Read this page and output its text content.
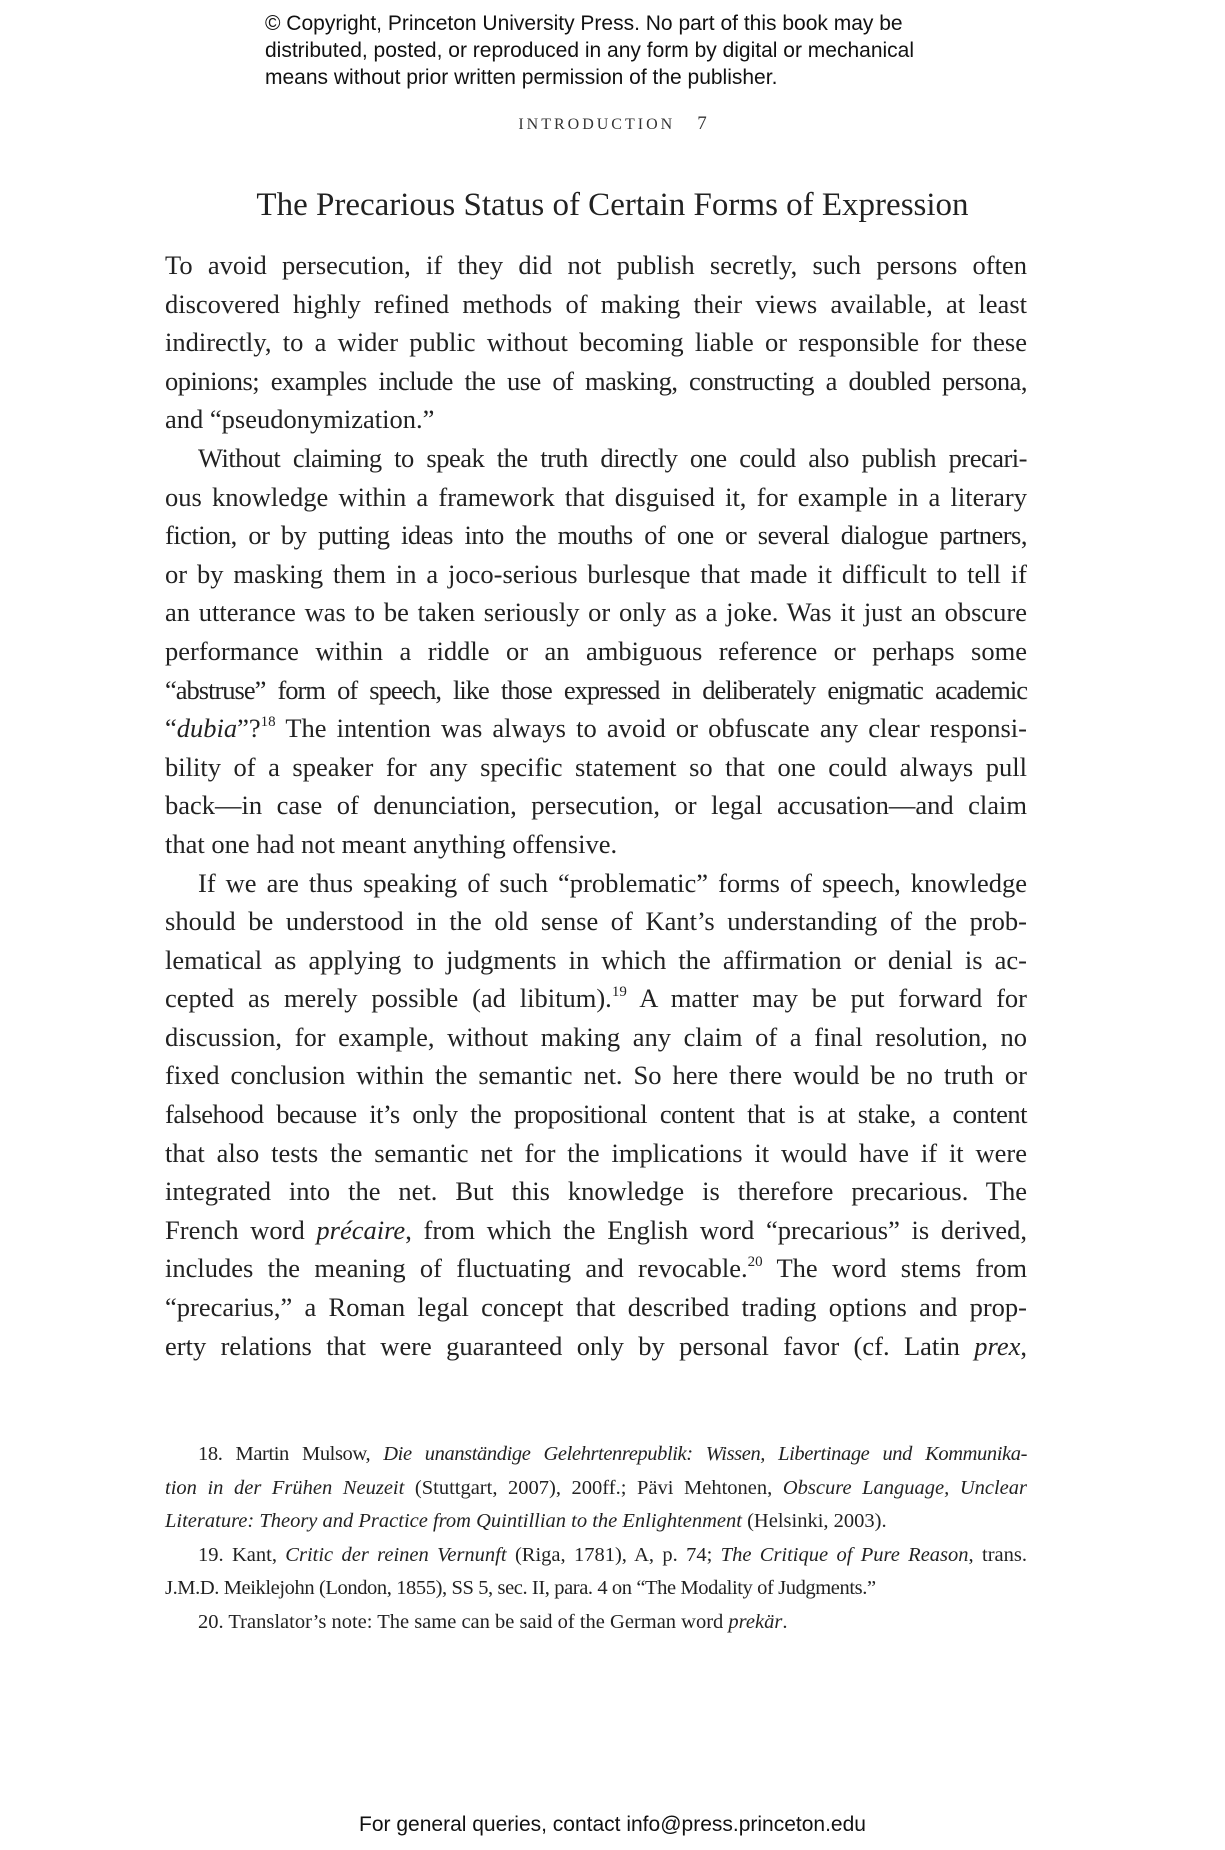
© Copyright, Princeton University Press. No part of this book may be
distributed, posted, or reproduced in any form by digital or mechanical
means without prior written permission of the publisher.
INTRODUCTION 7
The Precarious Status of Certain Forms of Expression
To avoid persecution, if they did not publish secretly, such persons often
discovered highly refined methods of making their views available, at least
indirectly, to a wider public without becoming liable or responsible for these
opinions; examples include the use of masking, constructing a doubled persona,
and “pseudonymization.”
Without claiming to speak the truth directly one could also publish precari-
ous knowledge within a framework that disguised it, for example in a literary
fiction, or by putting ideas into the mouths of one or several dialogue partners,
or by masking them in a joco-serious burlesque that made it difficult to tell if
an utterance was to be taken seriously or only as a joke. Was it just an obscure
performance within a riddle or an ambiguous reference or perhaps some
“abstruse” form of speech, like those expressed in deliberately enigmatic academic
“dubia”?$^{18}$ The intention was always to avoid or obfuscate any clear responsi-
bility of a speaker for any specific statement so that one could always pull
back—in case of denunciation, persecution, or legal accusation—and claim
that one had not meant anything offensive.
If we are thus speaking of such “problematic” forms of speech, knowledge
should be understood in the old sense of Kant’s understanding of the prob-
lematical as applying to judgments in which the affirmation or denial is ac-
cepted as merely possible (ad libitum).$^{19}$ A matter may be put forward for
discussion, for example, without making any claim of a final resolution, no
fixed conclusion within the semantic net. So here there would be no truth or
falsehood because it’s only the propositional content that is at stake, a content
that also tests the semantic net for the implications it would have if it were
integrated into the net. But this knowledge is therefore precarious. The
French word précaire, from which the English word “precarious” is derived,
includes the meaning of fluctuating and revocable.$^{20}$ The word stems from
“precarius,” a Roman legal concept that described trading options and prop-
erty relations that were guaranteed only by personal favor (cf. Latin prex,
18. Martin Mulsow, Die unanständige Gelehrtenrepublik: Wissen, Libertinage und Kommunika-
tion in der Frühen Neuzeit (Stuttgart, 2007), 200ff.; Pävi Mehtonen, Obscure Language, Unclear
Literature: Theory and Practice from Quintillian to the Enlightenment (Helsinki, 2003).
19. Kant, Critic der reinen Vernunft (Riga, 1781), A, p. 74; The Critique of Pure Reason, trans.
J.M.D. Meiklejohn (London, 1855), SS 5, sec. II, para. 4 on “The Modality of Judgments.”
20. Translator’s note: The same can be said of the German word prekär.
For general queries, contact info@press.princeton.edu
